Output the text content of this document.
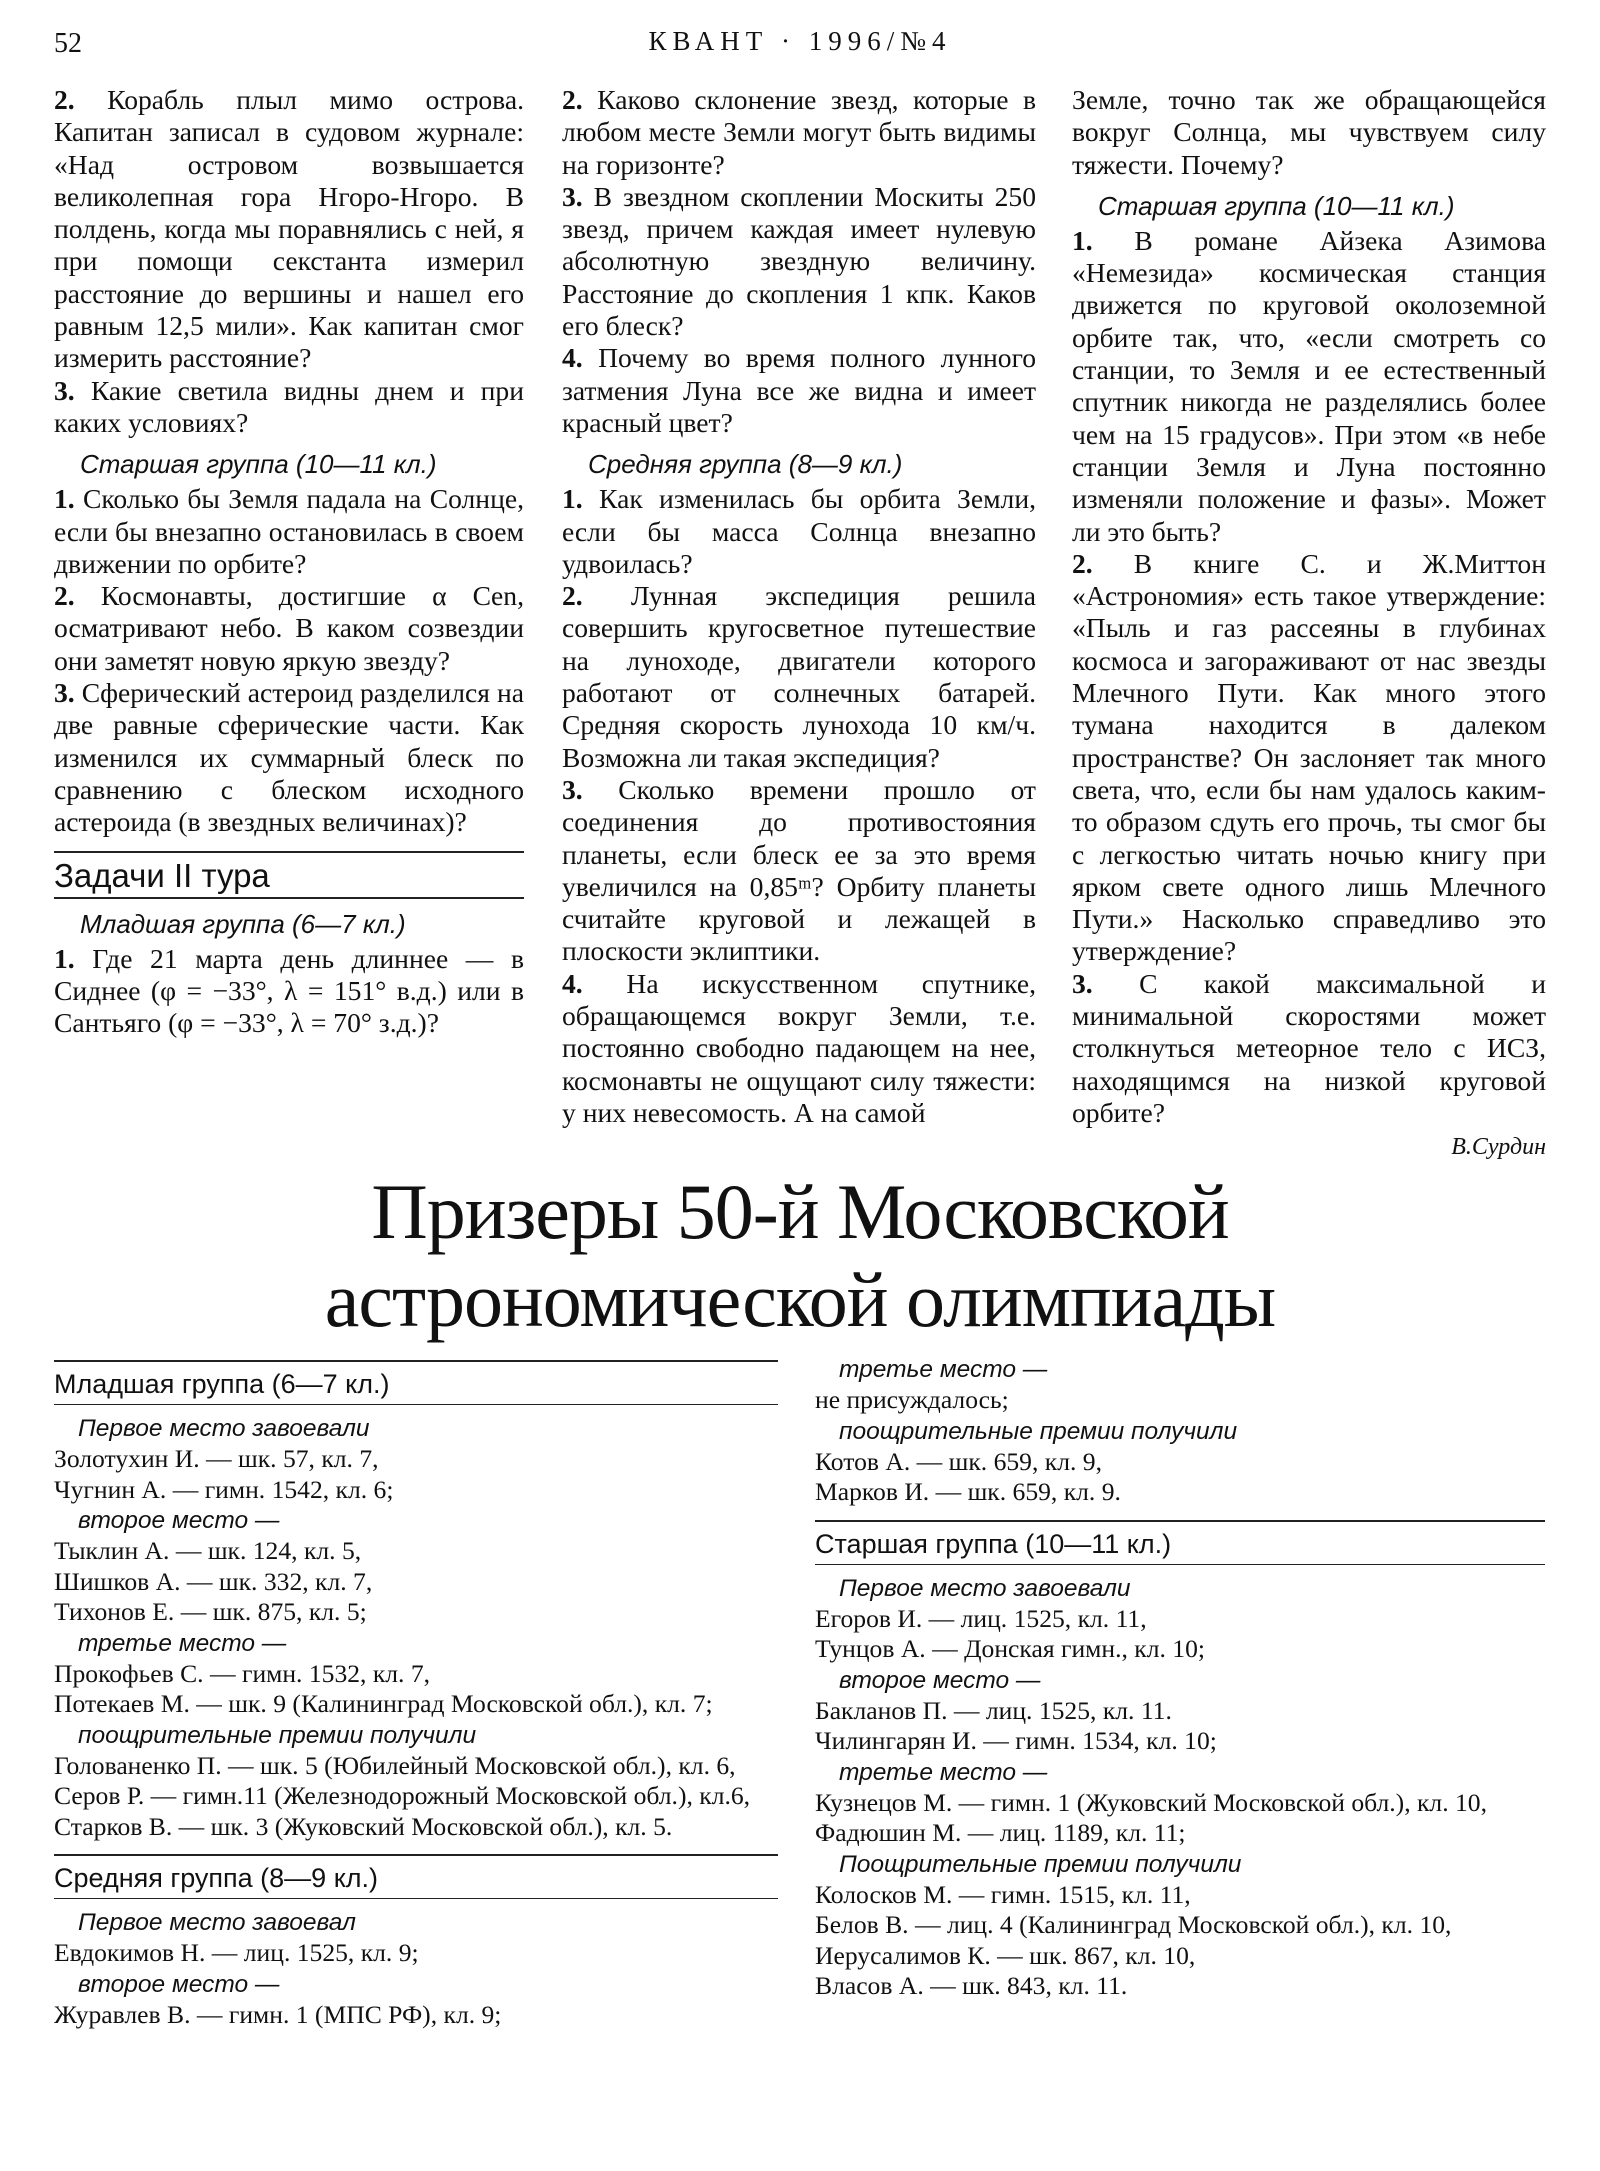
52	КВАНТ · 1996/№4

2. Корабль плыл мимо острова. Капитан записал в судовом журнале: «Над островом возвышается великолепная гора Нгоро-Нгоро. В полдень, когда мы поравнялись с ней, я при помощи секстанта измерил расстояние до вершины и нашел его равным 12,5 мили». Как капитан смог измерить расстояние?

3. Какие светила видны днем и при каких условиях?

Старшая группа (10—11 кл.)

1. Сколько бы Земля падала на Солнце, если бы внезапно остановилась в своем движении по орбите?

2. Космонавты, достигшие α Cen, осматривают небо. В каком созвездии они заметят новую яркую звезду?

3. Сферический астероид разделился на две равные сферические части. Как изменился их суммарный блеск по сравнению с блеском исходного астероида (в звездных величинах)?

Задачи II тура
Младшая группа (6—7 кл.)

1. Где 21 марта день длиннее — в Сиднее (φ = −33°, λ = 151° в.д.) или в Сантьяго (φ = −33°, λ = 70° з.д.)?

2. Каково склонение звезд, которые в любом месте Земли могут быть видимы на горизонте?

3. В звездном скоплении Москиты 250 звезд, причем каждая имеет нулевую абсолютную звездную величину. Расстояние до скопления 1 кпк. Каков его блеск?

4. Почему во время полного лунного затмения Луна все же видна и имеет красный цвет?

Средняя группа (8—9 кл.)

1. Как изменилась бы орбита Земли, если бы масса Солнца внезапно удвоилась?

2. Лунная экспедиция решила совершить кругосветное путешествие на луноходе, двигатели которого работают от солнечных батарей. Средняя скорость лунохода 10 км/ч. Возможна ли такая экспедиция?

3. Сколько времени прошло от соединения до противостояния планеты, если блеск ее за это время увеличился на 0,85ᵐ? Орбиту планеты считайте круговой и лежащей в плоскости эклиптики.

4. На искусственном спутнике, обращающемся вокруг Земли, т.е. постоянно свободно падающем на нее, космонавты не ощущают силу тяжести: у них невесомость. А на самой

Земле, точно так же обращающейся вокруг Солнца, мы чувствуем силу тяжести. Почему?

Старшая группа (10—11 кл.)

1. В романе Айзека Азимова «Немезида» космическая станция движется по круговой околоземной орбите так, что, «если смотреть со станции, то Земля и ее естественный спутник никогда не разделялись более чем на 15 градусов». При этом «в небе станции Земля и Луна постоянно изменяли положение и фазы». Может ли это быть?

2. В книге С. и Ж.Миттон «Астрономия» есть такое утверждение: «Пыль и газ рассеяны в глубинах космоса и загораживают от нас звезды Млечного Пути. Как много этого тумана находится в далеком пространстве? Он заслоняет так много света, что, если бы нам удалось каким-то образом сдуть его прочь, ты смог бы с легкостью читать ночью книгу при ярком свете одного лишь Млечного Пути.» Насколько справедливо это утверждение?

3. С какой максимальной и минимальной скоростями может столкнуться метеорное тело с ИСЗ, находящимся на низкой круговой орбите?

В.Сурдин
Призеры 50-й Московской
астрономической олимпиады
Младшая группа (6—7 кл.)
Первое место завоевали

Золотухин И. — шк. 57, кл. 7,

Чугнин А. — гимн. 1542, кл. 6;

второе место —

Тыклин А. — шк. 124, кл. 5,

Шишков А. — шк. 332, кл. 7,

Тихонов Е. — шк. 875, кл. 5;

третье место —

Прокофьев С. — гимн. 1532, кл. 7,

Потекаев М. — шк. 9 (Калининград Московской обл.), кл. 7;

поощрительные премии получили

Голованенко П. — шк. 5 (Юбилейный Московской обл.), кл. 6,

Серов Р. — гимн.11 (Железнодорожный Московской обл.), кл.6,

Старков В. — шк. 3 (Жуковский Московской обл.), кл. 5.

Средняя группа (8—9 кл.)
Первое место завоевал

Евдокимов Н. — лиц. 1525, кл. 9;

второе место —

Журавлев В. — гимн. 1 (МПС РФ), кл. 9;

третье место —

не присуждалось;

поощрительные премии получили

Котов А. — шк. 659, кл. 9,

Марков И. — шк. 659, кл. 9.

Старшая группа (10—11 кл.)
Первое место завоевали

Егоров И. — лиц. 1525, кл. 11,

Тунцов А. — Донская гимн., кл. 10;

второе место —

Бакланов П. — лиц. 1525, кл. 11.

Чилингарян И. — гимн. 1534, кл. 10;

третье место —

Кузнецов М. — гимн. 1 (Жуковский Московской обл.), кл. 10,

Фадюшин М. — лиц. 1189, кл. 11;

Поощрительные премии получили

Колосков М. — гимн. 1515, кл. 11,

Белов В. — лиц. 4 (Калининград Московской обл.), кл. 10,

Иерусалимов К. — шк. 867, кл. 10,

Власов А. — шк. 843, кл. 11.
